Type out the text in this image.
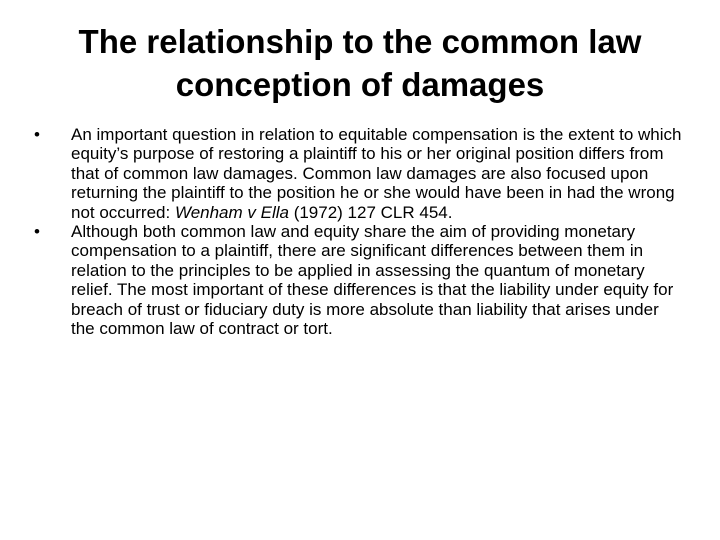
The relationship to the common law
conception of damages
•	An important question in relation to equitable compensation is the extent to which equity’s purpose of restoring a plaintiff to his or her original position differs from that of common law damages. Common law damages are also focused upon returning the plaintiff to the position he or she would have been in had the wrong not occurred: Wenham v Ella (1972) 127 CLR 454.
•	Although both common law and equity share the aim of providing monetary compensation to a plaintiff, there are significant differences between them in relation to the principles to be applied in assessing the quantum of monetary relief. The most important of these differences is that the liability under equity for breach of trust or fiduciary duty is more absolute than liability that arises under the common law of contract or tort.
